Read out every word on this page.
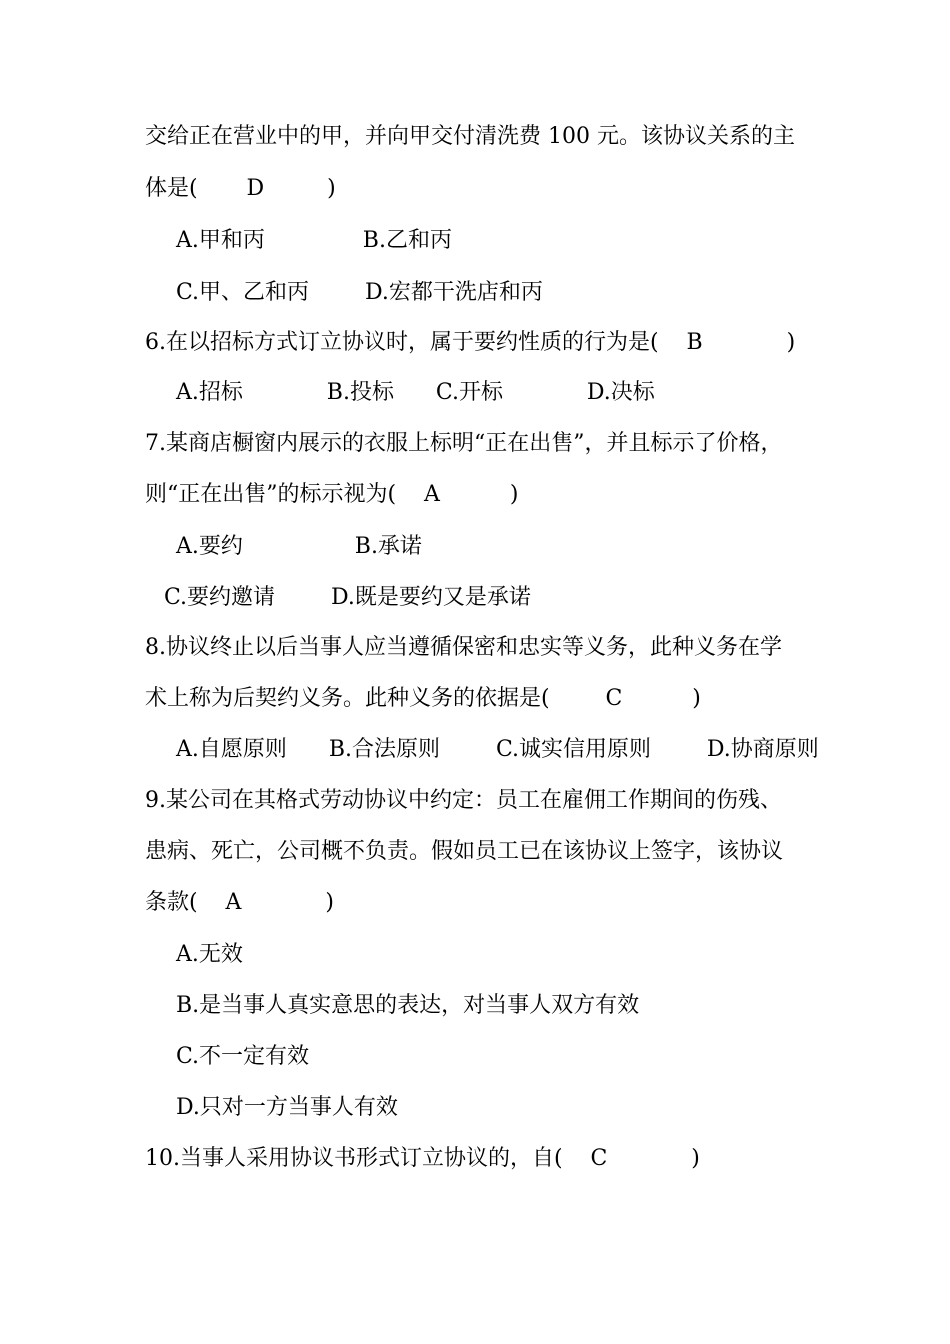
交给正在营业中的甲，并向甲交付清洗费 100 元。该协议关系的主
体是(       D         )
A.甲和丙              B.乙和丙
C.甲、乙和丙        D.宏都干洗店和丙
6.在以招标方式订立协议时，属于要约性质的行为是(    B            )
A.招标            B.投标      C.开标            D.决标
7.某商店橱窗内展示的衣服上标明“正在出售”，并且标示了价格，
则“正在出售”的标示视为(    A          )
A.要约                B.承诺
C.要约邀请        D.既是要约又是承诺
8.协议终止以后当事人应当遵循保密和忠实等义务，此种义务在学
术上称为后契约义务。此种义务的依据是(        C          )
A.自愿原则      B.合法原则        C.诚实信用原则        D.协商原则
9.某公司在其格式劳动协议中约定：员工在雇佣工作期间的伤残、
患病、死亡，公司概不负责。假如员工已在该协议上签字，该协议
条款(    A            )
A.无效
B.是当事人真实意思的表达，对当事人双方有效
C.不一定有效
D.只对一方当事人有效
10.当事人采用协议书形式订立协议的，自(    C            )
